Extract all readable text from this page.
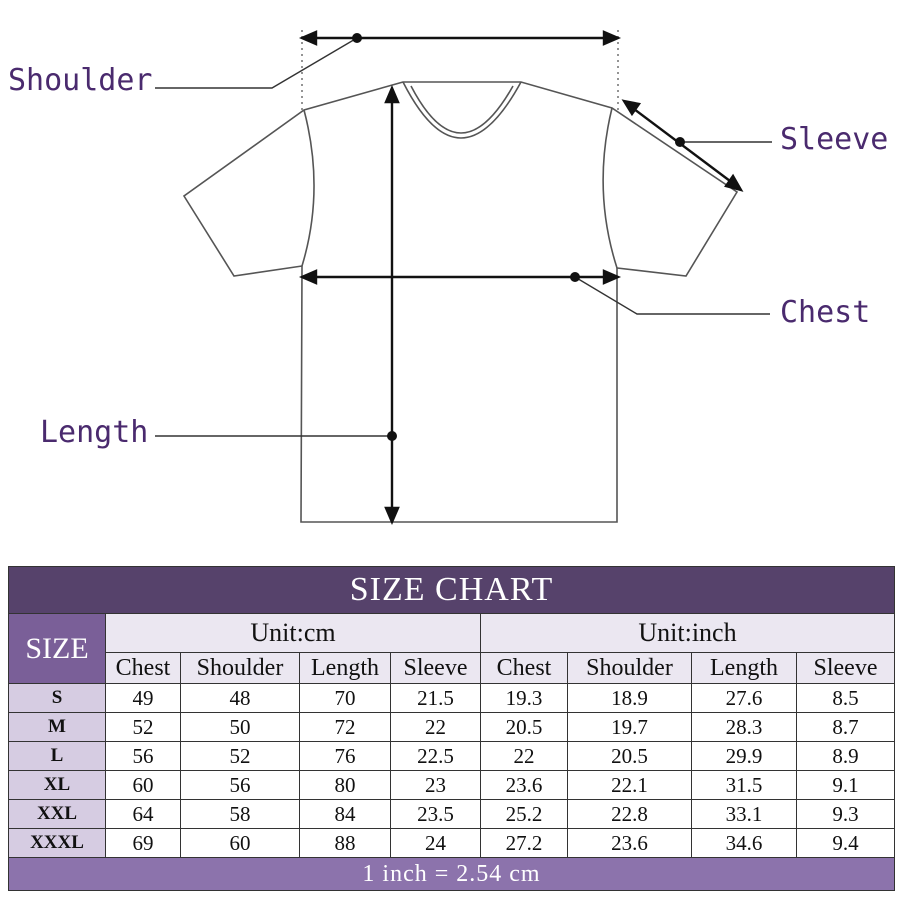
Shoulder
Sleeve
Chest
Length
SIZE CHART								
SIZE	Unit:cm				Unit:inch			
	Chest	Shoulder	Length	Sleeve	Chest	Shoulder	Length	Sleeve
S	49	48	70	21.5	19.3	18.9	27.6	8.5
M	52	50	72	22	20.5	19.7	28.3	8.7
L	56	52	76	22.5	22	20.5	29.9	8.9
XL	60	56	80	23	23.6	22.1	31.5	9.1
XXL	64	58	84	23.5	25.2	22.8	33.1	9.3
XXXL	69	60	88	24	27.2	23.6	34.6	9.4
1 inch = 2.54 cm								
